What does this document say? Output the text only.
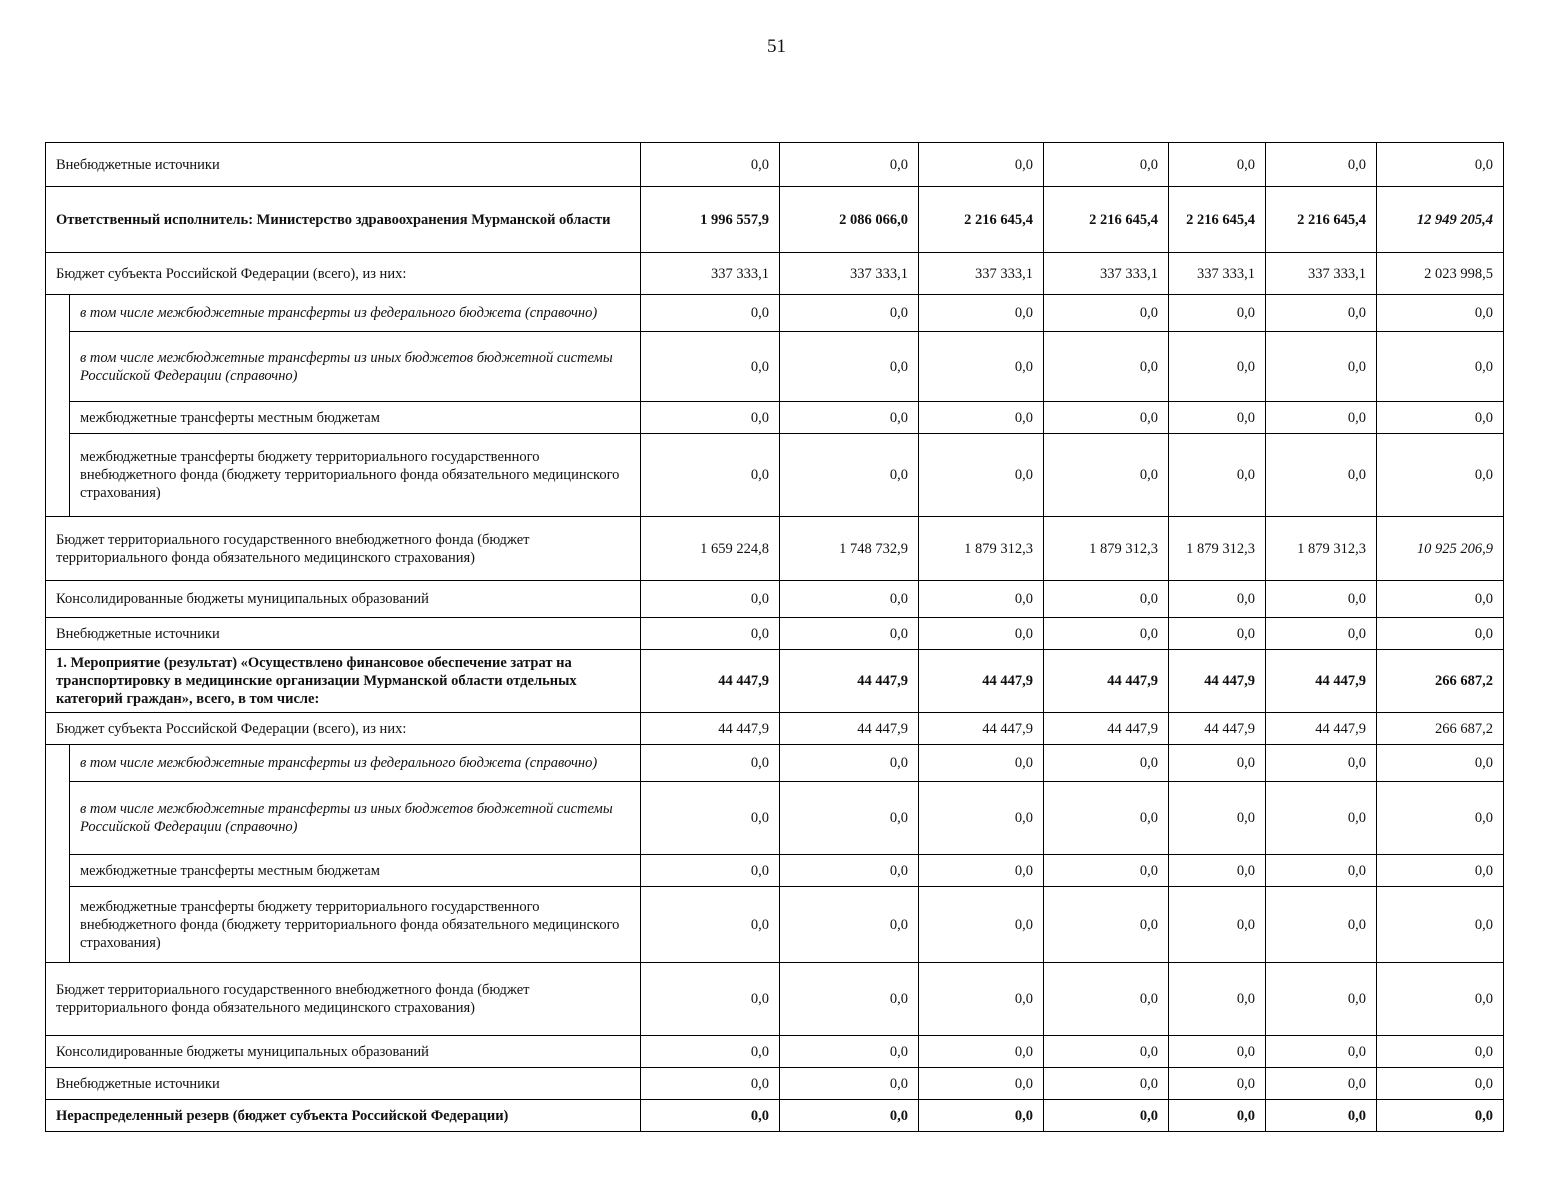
51
Внебюджетные источники		0,0	0,0	0,0	0,0	0,0	0,0	0,0
Ответственный исполнитель: Министерство здравоохранения Мурманской области		1 996 557,9	2 086 066,0	2 216 645,4	2 216 645,4	2 216 645,4	2 216 645,4	12 949 205,4
Бюджет субъекта Российской Федерации (всего), из них:		337 333,1	337 333,1	337 333,1	337 333,1	337 333,1	337 333,1	2 023 998,5
	в том числе межбюджетные трансферты из федерального бюджета (справочно)	0,0	0,0	0,0	0,0	0,0	0,0	0,0
	в том числе межбюджетные трансферты из иных бюджетов бюджетной системы Российской Федерации (справочно)	0,0	0,0	0,0	0,0	0,0	0,0	0,0
	межбюджетные трансферты местным бюджетам	0,0	0,0	0,0	0,0	0,0	0,0	0,0
	межбюджетные трансферты бюджету территориального государственного внебюджетного фонда (бюджету территориального фонда обязательного медицинского страхования)	0,0	0,0	0,0	0,0	0,0	0,0	0,0
Бюджет территориального государственного внебюджетного фонда (бюджет территориального фонда обязательного медицинского страхования)		1 659 224,8	1 748 732,9	1 879 312,3	1 879 312,3	1 879 312,3	1 879 312,3	10 925 206,9
Консолидированные бюджеты муниципальных образований		0,0	0,0	0,0	0,0	0,0	0,0	0,0
Внебюджетные источники		0,0	0,0	0,0	0,0	0,0	0,0	0,0
1. Мероприятие (результат) «Осуществлено финансовое обеспечение затрат на транспортировку в медицинские организации Мурманской области отдельных категорий граждан», всего, в том числе:		44 447,9	44 447,9	44 447,9	44 447,9	44 447,9	44 447,9	266 687,2
Бюджет субъекта Российской Федерации (всего), из них:		44 447,9	44 447,9	44 447,9	44 447,9	44 447,9	44 447,9	266 687,2
	в том числе межбюджетные трансферты из федерального бюджета (справочно)	0,0	0,0	0,0	0,0	0,0	0,0	0,0
	в том числе межбюджетные трансферты из иных бюджетов бюджетной системы Российской Федерации (справочно)	0,0	0,0	0,0	0,0	0,0	0,0	0,0
	межбюджетные трансферты местным бюджетам	0,0	0,0	0,0	0,0	0,0	0,0	0,0
	межбюджетные трансферты бюджету территориального государственного внебюджетного фонда (бюджету территориального фонда обязательного медицинского страхования)	0,0	0,0	0,0	0,0	0,0	0,0	0,0
Бюджет территориального государственного внебюджетного фонда (бюджет территориального фонда обязательного медицинского страхования)		0,0	0,0	0,0	0,0	0,0	0,0	0,0
Консолидированные бюджеты муниципальных образований		0,0	0,0	0,0	0,0	0,0	0,0	0,0
Внебюджетные источники		0,0	0,0	0,0	0,0	0,0	0,0	0,0
Нераспределенный резерв (бюджет субъекта Российской Федерации)		0,0	0,0	0,0	0,0	0,0	0,0	0,0
